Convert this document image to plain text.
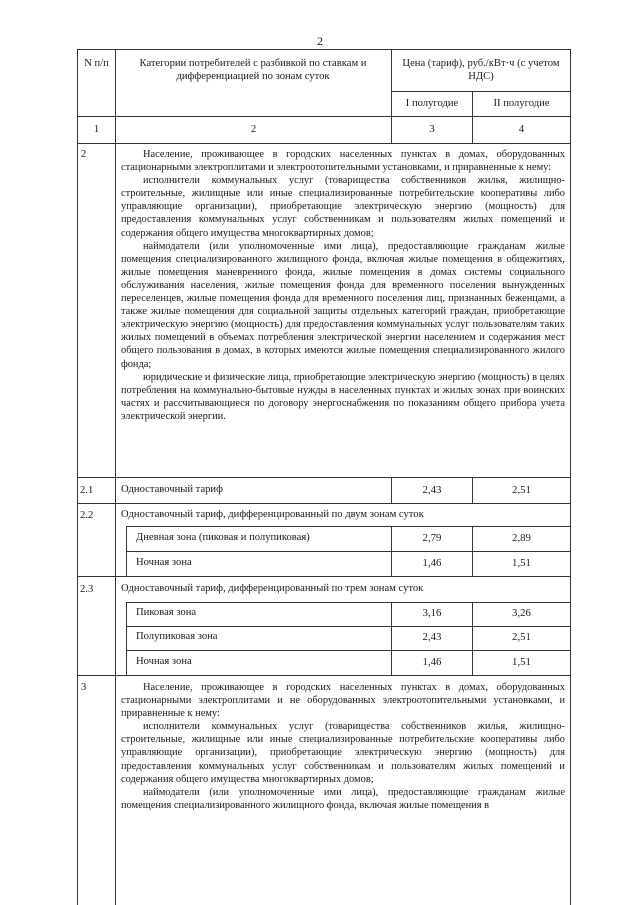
2
N п/п	Категории потребителей с разбивкой по ставкам и дифференциацией по зонам суток
Цена (тариф), руб./кВт·ч (с учетом НДС)
I полугодие	II полугодие
1	2	3	4
2	Население, проживающее в городских населенных пунктах в домах, оборудованных стационарными электроплитами и электроотопительными установками, и приравненные к нему:

исполнители коммунальных услуг (товарищества собственников жилья, жилищно-строительные, жилищные или иные специализированные потребительские кооперативы либо управляющие организации), приобретающие электрическую энергию (мощность) для предоставления коммунальных услуг собственникам и пользователям жилых помещений и содержания общего имущества многоквартирных домов;

наймодатели (или уполномоченные ими лица), предоставляющие гражданам жилые помещения специализированного жилищного фонда, включая жилые помещения в общежитиях, жилые помещения маневренного фонда, жилые помещения в домах системы социального обслуживания населения, жилые помещения фонда для временного поселения вынужденных переселенцев, жилые помещения фонда для временного поселения лиц, признанных беженцами, а также жилые помещения для социальной защиты отдельных категорий граждан, приобретающие электрическую энергию (мощность) для предоставления коммунальных услуг пользователям таких жилых помещений в объемах потребления электрической энергии населением и содержания мест общего пользования в домах, в которых имеются жилые помещения специализированного жилого фонда;

юридические и физические лица, приобретающие электрическую энергию (мощность) в целях потребления на коммунально-бытовые нужды в населенных пунктах и жилых зонах при воинских частях и рассчитывающиеся по договору энергоснабжения по показаниям общего прибора учета электрической энергии.

2.1	Одноставочный тариф	2,43	2,51
2.2	Одноставочный тариф, дифференцированный по двум зонам суток
Дневная зона (пиковая и полупиковая)	2,79	2,89
Ночная зона	1,46	1,51
2.3	Одноставочный тариф, дифференцированный по трем зонам суток
Пиковая зона	3,16	3,26
Полупиковая зона	2,43	2,51
Ночная зона	1,46	1,51
3	Население, проживающее в городских населенных пунктах в домах, оборудованных стационарными электроплитами и не оборудованных электроотопительными установками, и приравненные к нему:

исполнители коммунальных услуг (товарищества собственников жилья, жилищно-строительные, жилищные или иные специализированные потребительские кооперативы либо управляющие организации), приобретающие электрическую энергию (мощность) для предоставления коммунальных услуг собственникам и пользователям жилых помещений и содержания общего имущества многоквартирных домов;

наймодатели (или уполномоченные ими лица), предоставляющие гражданам жилые помещения специализированного жилищного фонда, включая жилые помещения в
